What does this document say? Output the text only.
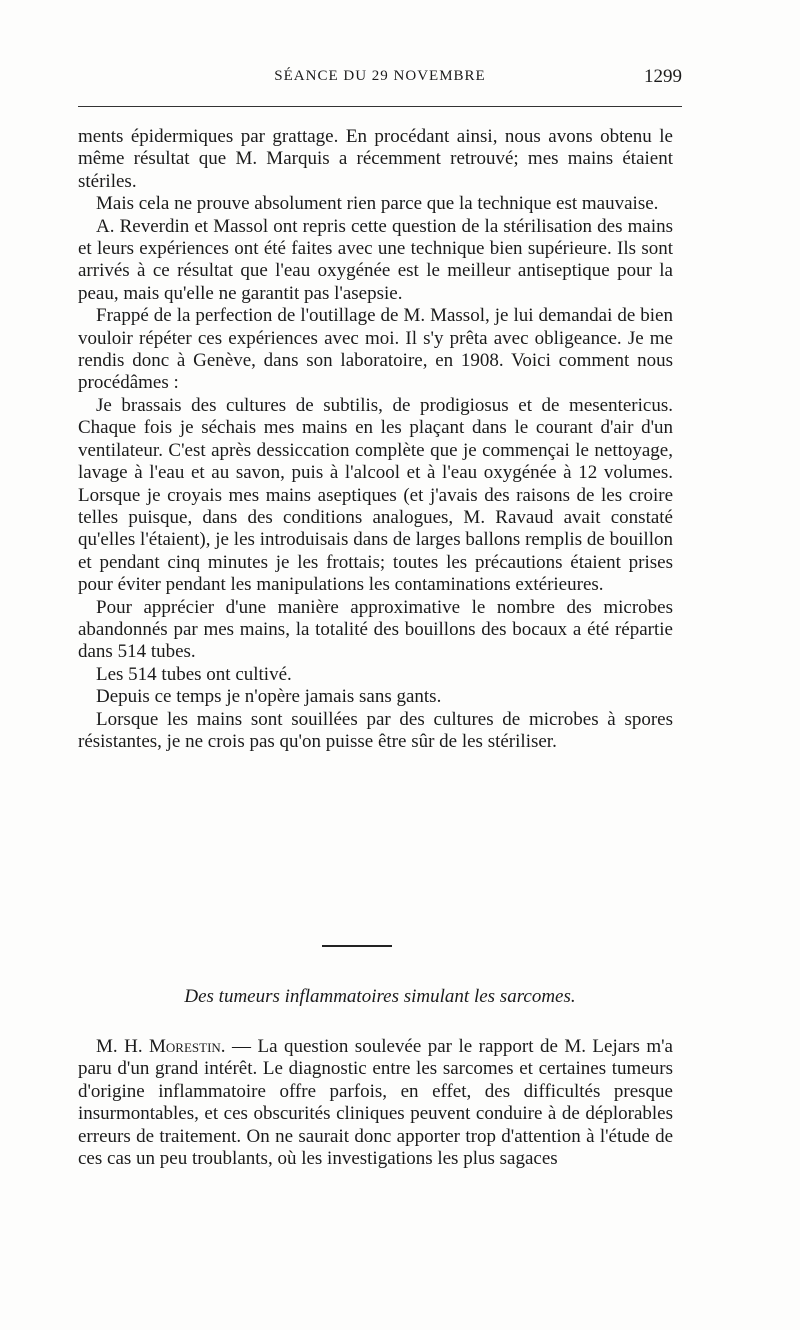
SÉANCE DU 29 NOVEMBRE	1299

ments épidermiques par grattage. En procédant ainsi, nous avons obtenu le même résultat que M. Marquis a récemment retrouvé; mes mains étaient stériles.

Mais cela ne prouve absolument rien parce que la technique est mauvaise.

A. Reverdin et Massol ont repris cette question de la stérilisation des mains et leurs expériences ont été faites avec une technique bien supérieure. Ils sont arrivés à ce résultat que l'eau oxygénée est le meilleur antiseptique pour la peau, mais qu'elle ne garantit pas l'asepsie.

Frappé de la perfection de l'outillage de M. Massol, je lui demandai de bien vouloir répéter ces expériences avec moi. Il s'y prêta avec obligeance. Je me rendis donc à Genève, dans son laboratoire, en 1908. Voici comment nous procédâmes :

Je brassais des cultures de subtilis, de prodigiosus et de mesentericus. Chaque fois je séchais mes mains en les plaçant dans le courant d'air d'un ventilateur. C'est après dessiccation complète que je commençai le nettoyage, lavage à l'eau et au savon, puis à l'alcool et à l'eau oxygénée à 12 volumes. Lorsque je croyais mes mains aseptiques (et j'avais des raisons de les croire telles puisque, dans des conditions analogues, M. Ravaud avait constaté qu'elles l'étaient), je les introduisais dans de larges ballons remplis de bouillon et pendant cinq minutes je les frottais; toutes les précautions étaient prises pour éviter pendant les manipulations les contaminations extérieures.

Pour apprécier d'une manière approximative le nombre des microbes abandonnés par mes mains, la totalité des bouillons des bocaux a été répartie dans 514 tubes.

Les 514 tubes ont cultivé.

Depuis ce temps je n'opère jamais sans gants.

Lorsque les mains sont souillées par des cultures de microbes à spores résistantes, je ne crois pas qu'on puisse être sûr de les stériliser.

Des tumeurs inflammatoires simulant les sarcomes.

M. H. Morestin. — La question soulevée par le rapport de M. Lejars m'a paru d'un grand intérêt. Le diagnostic entre les sarcomes et certaines tumeurs d'origine inflammatoire offre parfois, en effet, des difficultés presque insurmontables, et ces obscurités cliniques peuvent conduire à de déplorables erreurs de traitement. On ne saurait donc apporter trop d'attention à l'étude de ces cas un peu troublants, où les investigations les plus sagaces
